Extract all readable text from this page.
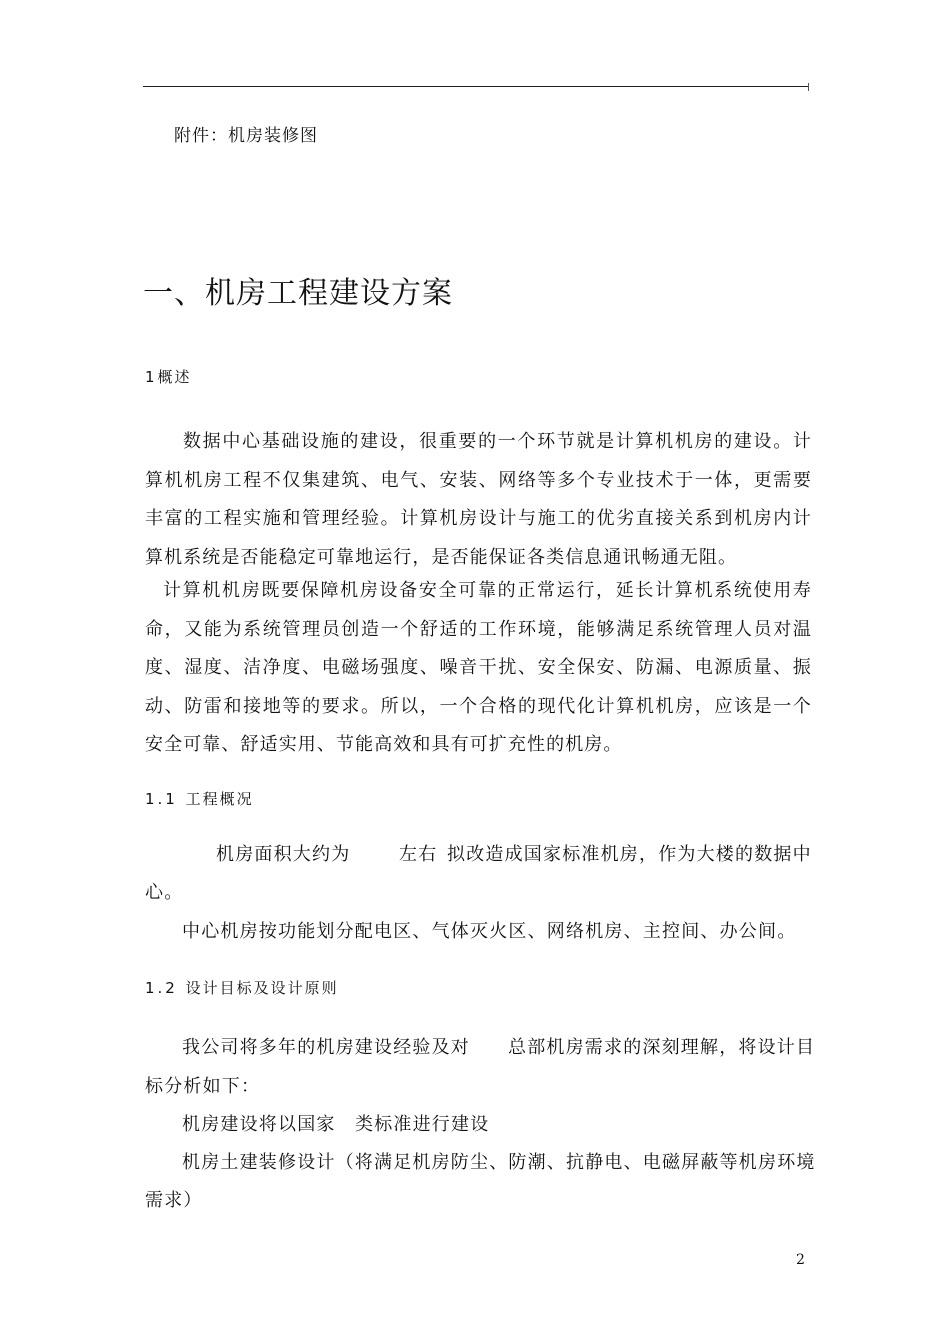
附件：机房装修图
一、机房工程建设方案
1概述
数据中心基础设施的建设，很重要的一个环节就是计算机机房的建设。计算机机房工程不仅集建筑、电气、安装、网络等多个专业技术于一体，更需要丰富的工程实施和管理经验。计算机房设计与施工的优劣直接关系到机房内计算机系统是否能稳定可靠地运行，是否能保证各类信息通讯畅通无阻。
计算机机房既要保障机房设备安全可靠的正常运行，延长计算机系统使用寿命，又能为系统管理员创造一个舒适的工作环境，能够满足系统管理人员对温度、湿度、洁净度、电磁场强度、噪音干扰、安全保安、防漏、电源质量、振动、防雷和接地等的要求。所以，一个合格的现代化计算机机房，应该是一个安全可靠、舒适实用、节能高效和具有可扩充性的机房。
1.1 工程概况
机房面积大约为	左右 拟改造成国家标准机房，作为大楼的数据中
心。
中心机房按功能划分配电区、气体灭火区、网络机房、主控间、办公间。
1.2 设计目标及设计原则
我公司将多年的机房建设经验及对 总部机房需求的深刻理解，将设计目
标分析如下：
机房建设将以国家 类标准进行建设
机房土建装修设计（将满足机房防尘、防潮、抗静电、电磁屏蔽等机房环境
需求）
2
